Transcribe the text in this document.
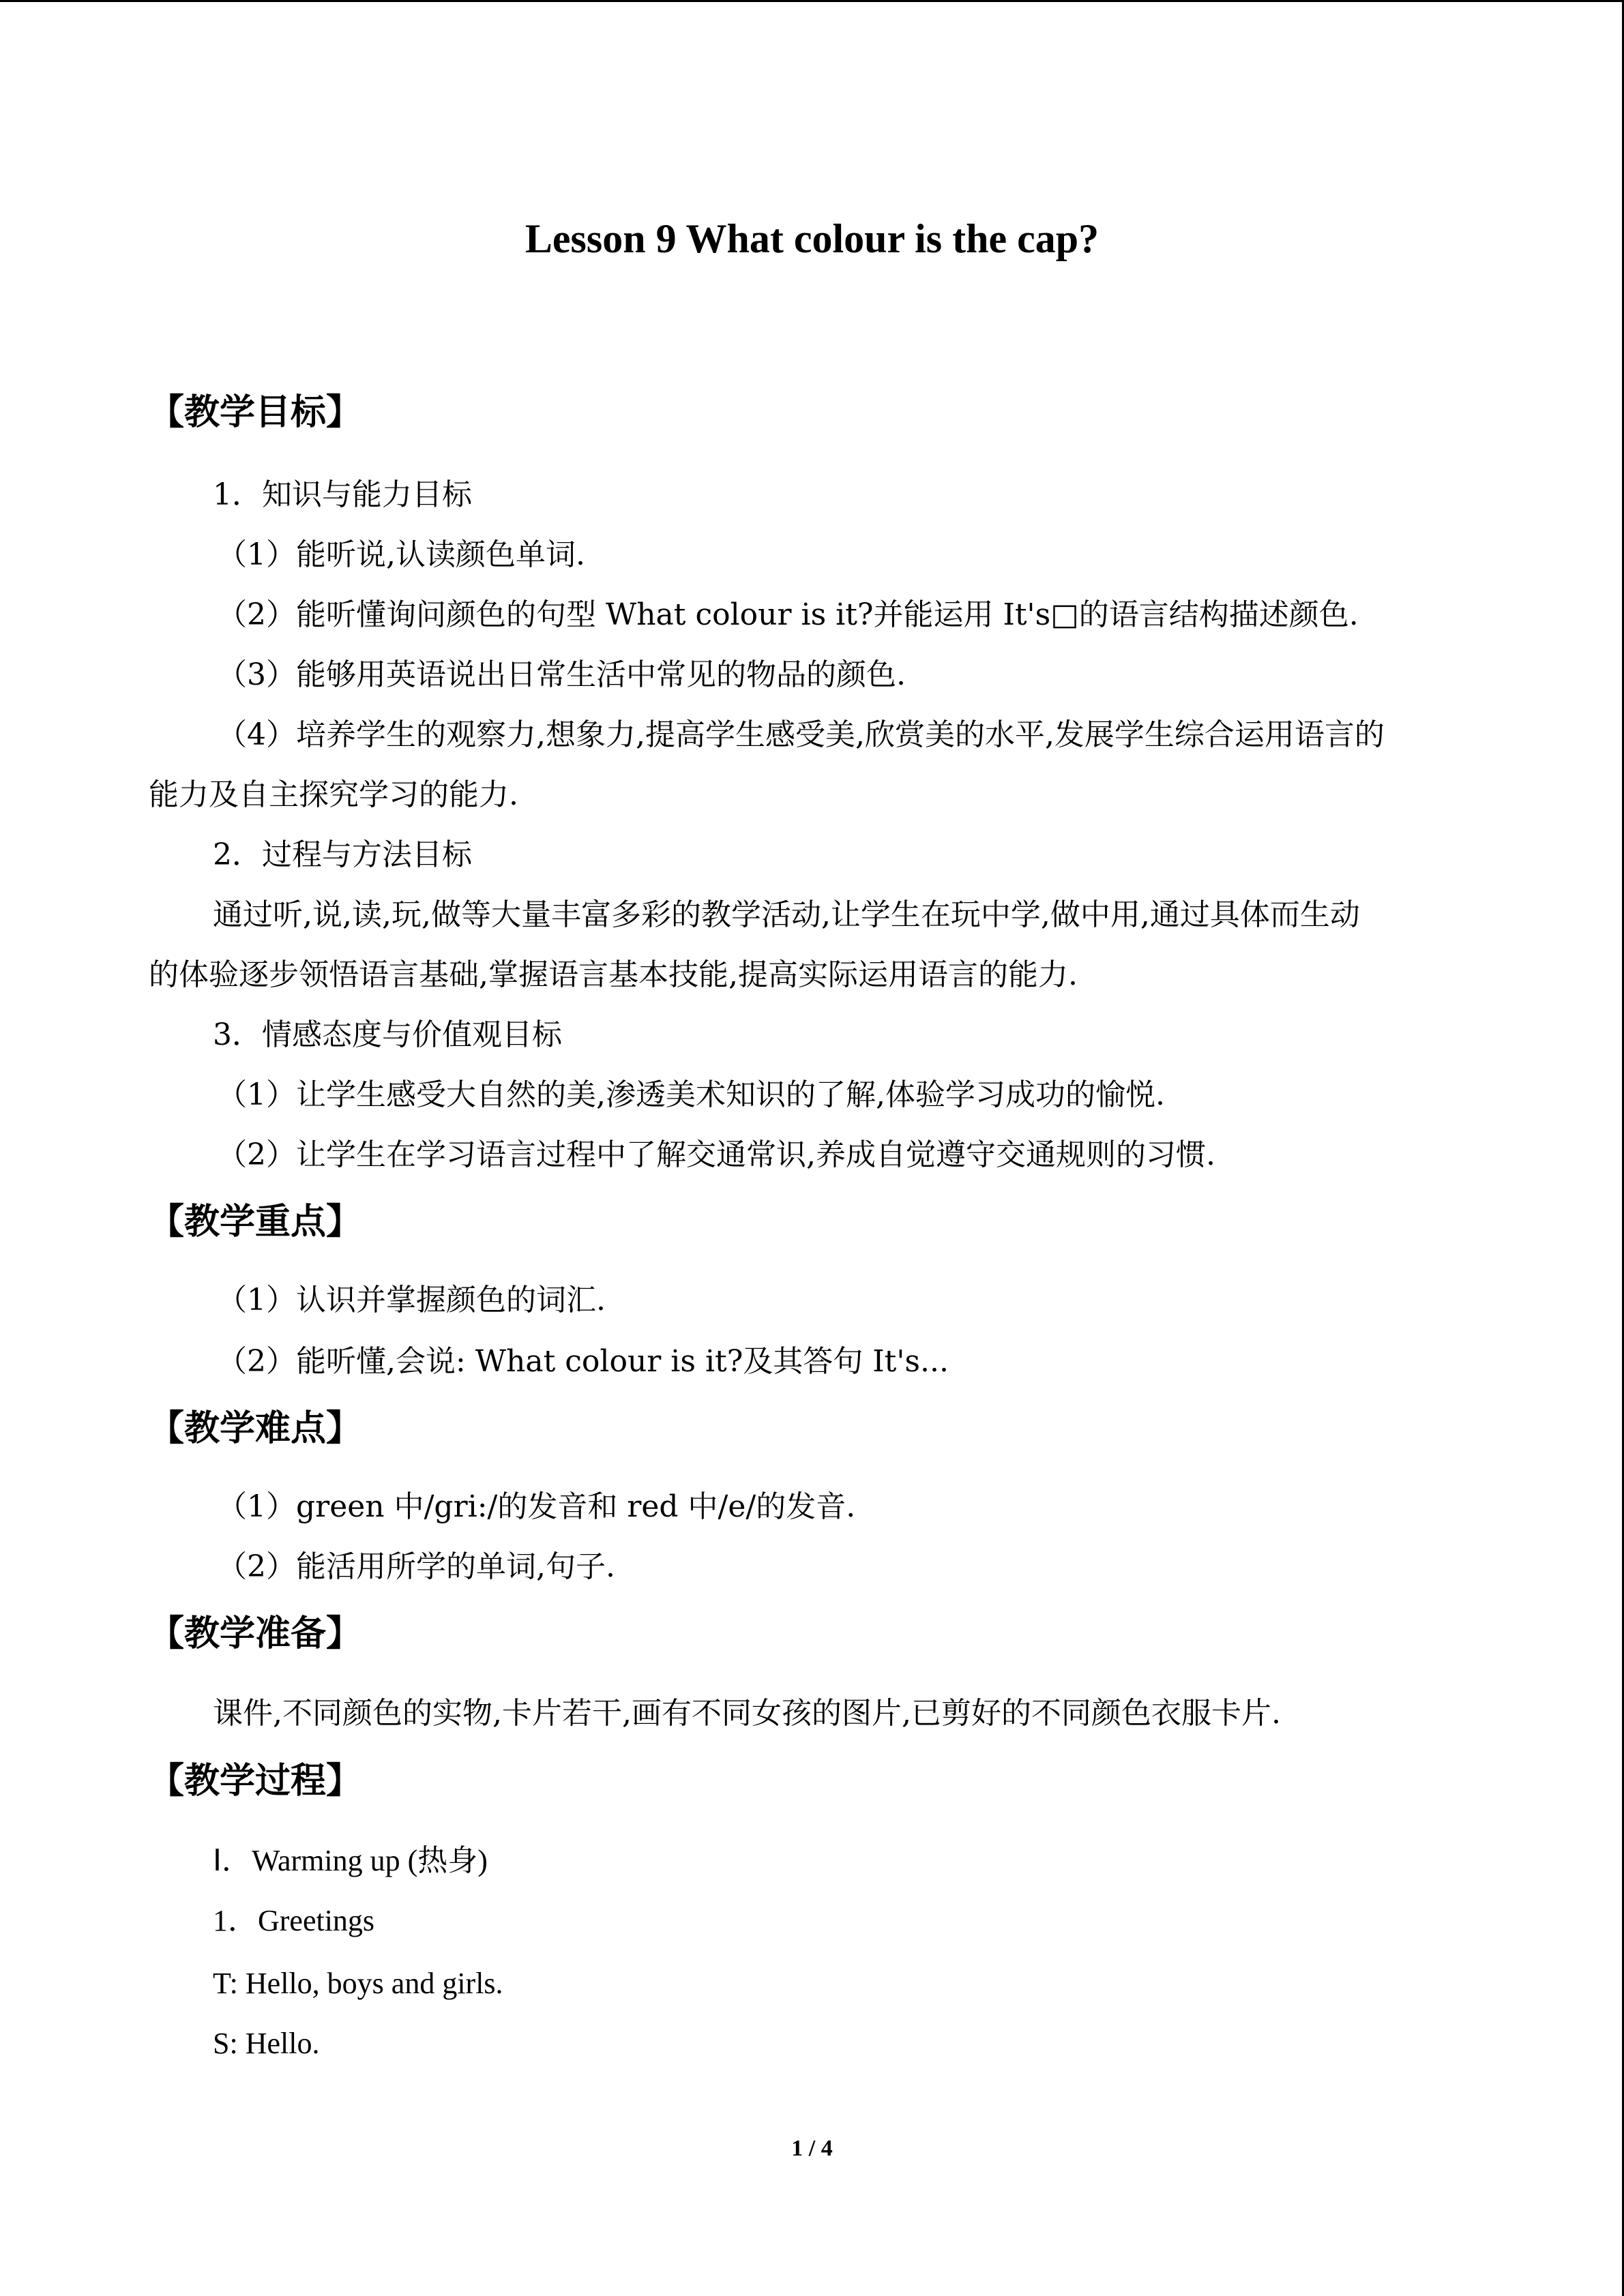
Lesson 9 What colour is the cap?
【教学目标】
1．知识与能力目标
（1）能听说,认读颜色单词.
（2）能听懂询问颜色的句型 What colour is it?并能运用 It's□的语言结构描述颜色.
（3）能够用英语说出日常生活中常见的物品的颜色.
（4）培养学生的观察力,想象力,提高学生感受美,欣赏美的水平,发展学生综合运用语言的
能力及自主探究学习的能力.
2．过程与方法目标
通过听,说,读,玩,做等大量丰富多彩的教学活动,让学生在玩中学,做中用,通过具体而生动
的体验逐步领悟语言基础,掌握语言基本技能,提高实际运用语言的能力.
3．情感态度与价值观目标
（1）让学生感受大自然的美,渗透美术知识的了解,体验学习成功的愉悦.
（2）让学生在学习语言过程中了解交通常识,养成自觉遵守交通规则的习惯.
【教学重点】
（1）认识并掌握颜色的词汇.
（2）能听懂,会说: What colour is it?及其答句 It's...
【教学难点】
（1）green 中/gri:/的发音和 red 中/e/的发音.
（2）能活用所学的单词,句子.
【教学准备】
课件,不同颜色的实物,卡片若干,画有不同女孩的图片,已剪好的不同颜色衣服卡片.
【教学过程】
Ⅰ．Warming up (热身)
1．Greetings
T: Hello, boys and girls.
S: Hello.
1 / 4
